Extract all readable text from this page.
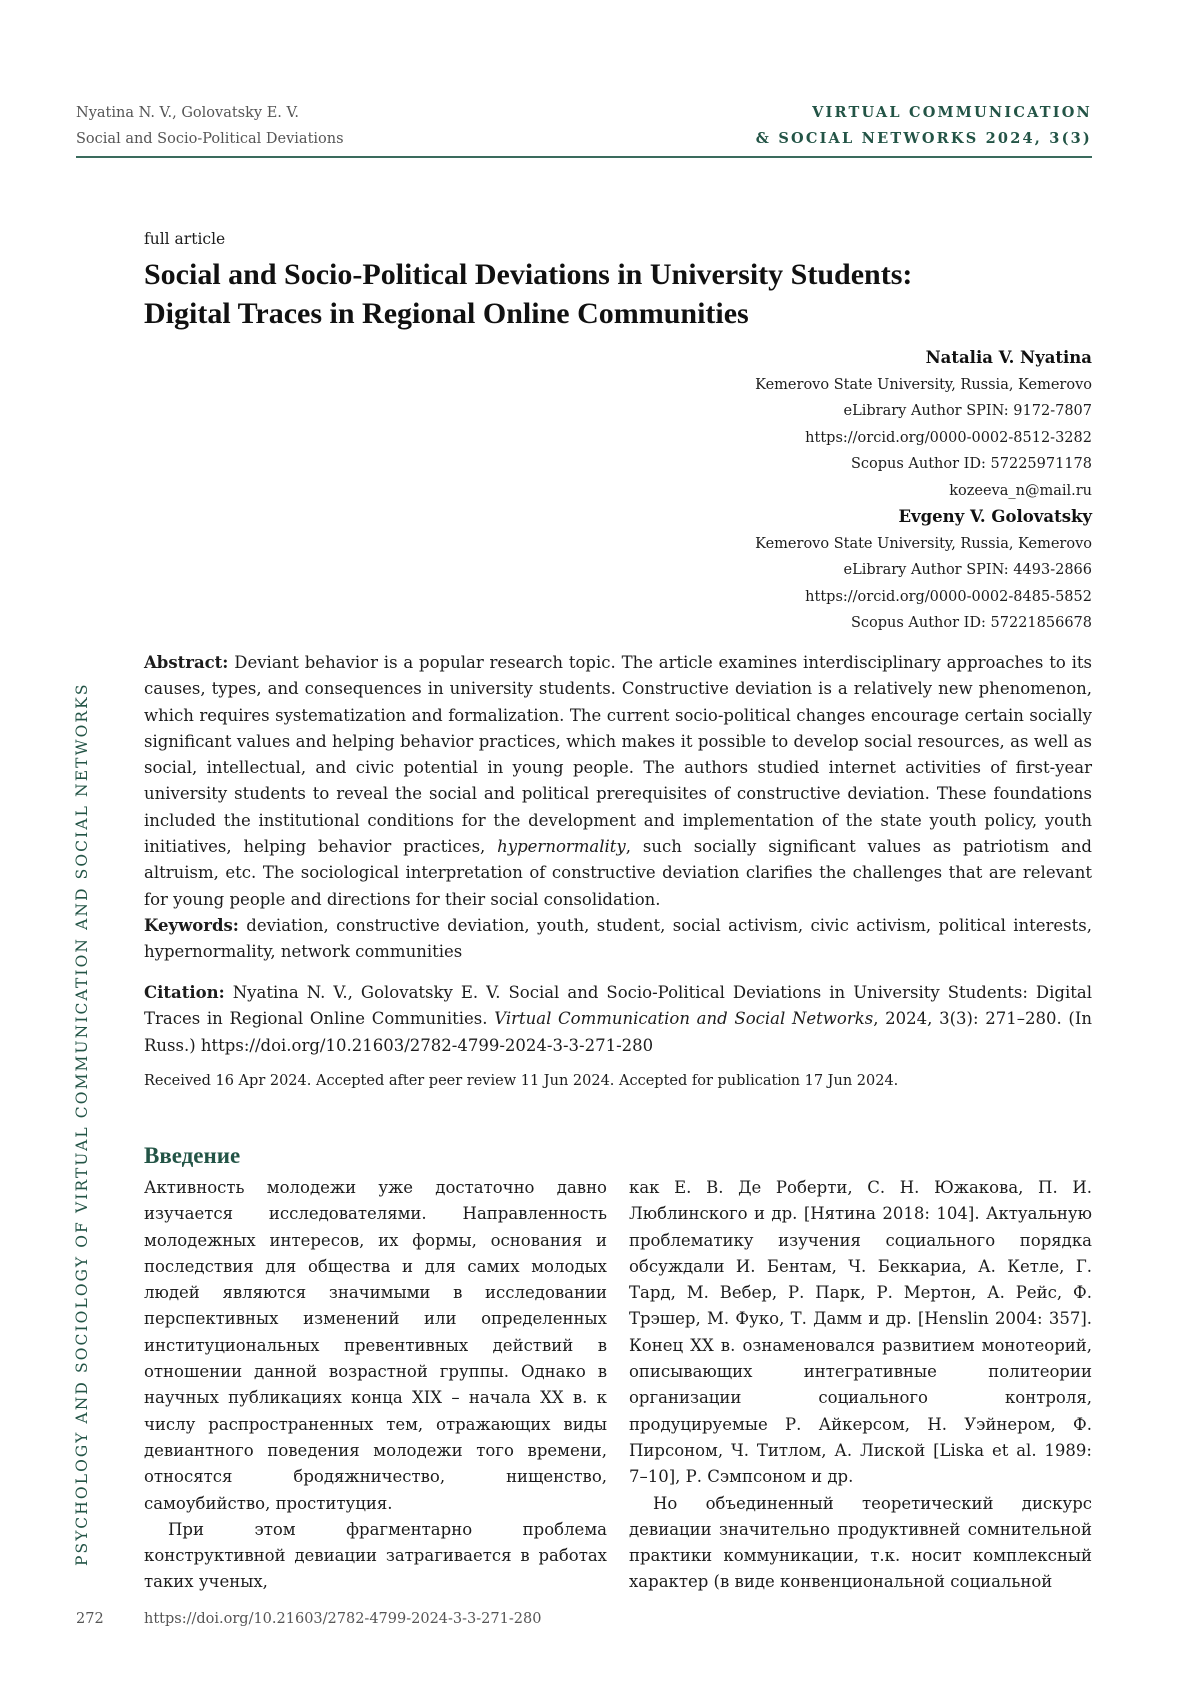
Nyatina N. V., Golovatsky E. V.
Social and Socio-Political Deviations
VIRTUAL COMMUNICATION
& SOCIAL NETWORKS 2024, 3(3)
PSYCHOLOGY AND SOCIOLOGY OF VIRTUAL COMMUNICATION AND SOCIAL NETWORKS
full article
Social and Socio-Political Deviations in University Students:
Digital Traces in Regional Online Communities
Natalia V. Nyatina
Kemerovo State University, Russia, Kemerovo
eLibrary Author SPIN: 9172-7807
https://orcid.org/0000-0002-8512-3282
Scopus Author ID: 57225971178
kozeeva_n@mail.ru
Evgeny V. Golovatsky
Kemerovo State University, Russia, Kemerovo
eLibrary Author SPIN: 4493-2866
https://orcid.org/0000-0002-8485-5852
Scopus Author ID: 57221856678
Abstract: Deviant behavior is a popular research topic. The article examines interdisciplinary approaches to its causes, types, and consequences in university students. Constructive deviation is a relatively new phenomenon, which requires systematization and formalization. The current socio-political changes encourage certain socially significant values and helping behavior practices, which makes it possible to develop social resources, as well as social, intellectual, and civic potential in young people. The authors studied internet activities of first-year university students to reveal the social and political prerequisites of constructive deviation. These foundations included the institutional conditions for the development and implementation of the state youth policy, youth initiatives, helping behavior practices, hypernormality, such socially significant values as patriotism and altruism, etc. The sociological interpretation of constructive deviation clarifies the challenges that are relevant for young people and directions for their social consolidation.
Keywords: deviation, constructive deviation, youth, student, social activism, civic activism, political interests, hypernormality, network communities
Citation: Nyatina N. V., Golovatsky E. V. Social and Socio-Political Deviations in University Students: Digital Traces in Regional Online Communities. Virtual Communication and Social Networks, 2024, 3(3): 271–280. (In Russ.) https://doi.org/10.21603/2782-4799-2024-3-3-271-280
Received 16 Apr 2024. Accepted after peer review 11 Jun 2024. Accepted for publication 17 Jun 2024.
Введение

Активность молодежи уже достаточно давно изучается исследователями. Направленность молодежных интересов, их формы, основания и последствия для общества и для самих молодых людей являются значимыми в исследовании перспективных изменений или определенных институциональных превентивных действий в отношении данной возрастной группы. Однако в научных публикациях конца XIX – начала XX в. к числу распространенных тем, отражающих виды девиантного поведения молодежи того времени, относятся бродяжничество, нищенство, самоубийство, проституция.

При этом фрагментарно проблема конструктивной девиации затрагивается в работах таких ученых,

как Е. В. Де Роберти, С. Н. Южакова, П. И. Люблинского и др. [Нятина 2018: 104]. Актуальную проблематику изучения социального порядка обсуждали И. Бентам, Ч. Беккариа, А. Кетле, Г. Тард, М. Вебер, Р. Парк, Р. Мертон, А. Рейс, Ф. Трэшер, М. Фуко, Т. Дамм и др. [Henslin 2004: 357]. Конец XX в. ознаменовался развитием монотеорий, описывающих интегративные политеории организации социального контроля, продуцируемые Р. Айкерсом, Н. Уэйнером, Ф. Пирсоном, Ч. Титлом, А. Лиской [Liska et al. 1989: 7–10], Р. Сэмпсоном и др.

Но объединенный теоретический дискурс девиации значительно продуктивней сомнительной практики коммуникации, т.к. носит комплексный характер (в виде конвенциональной социальной

272	https://doi.org/10.21603/2782-4799-2024-3-3-271-280
